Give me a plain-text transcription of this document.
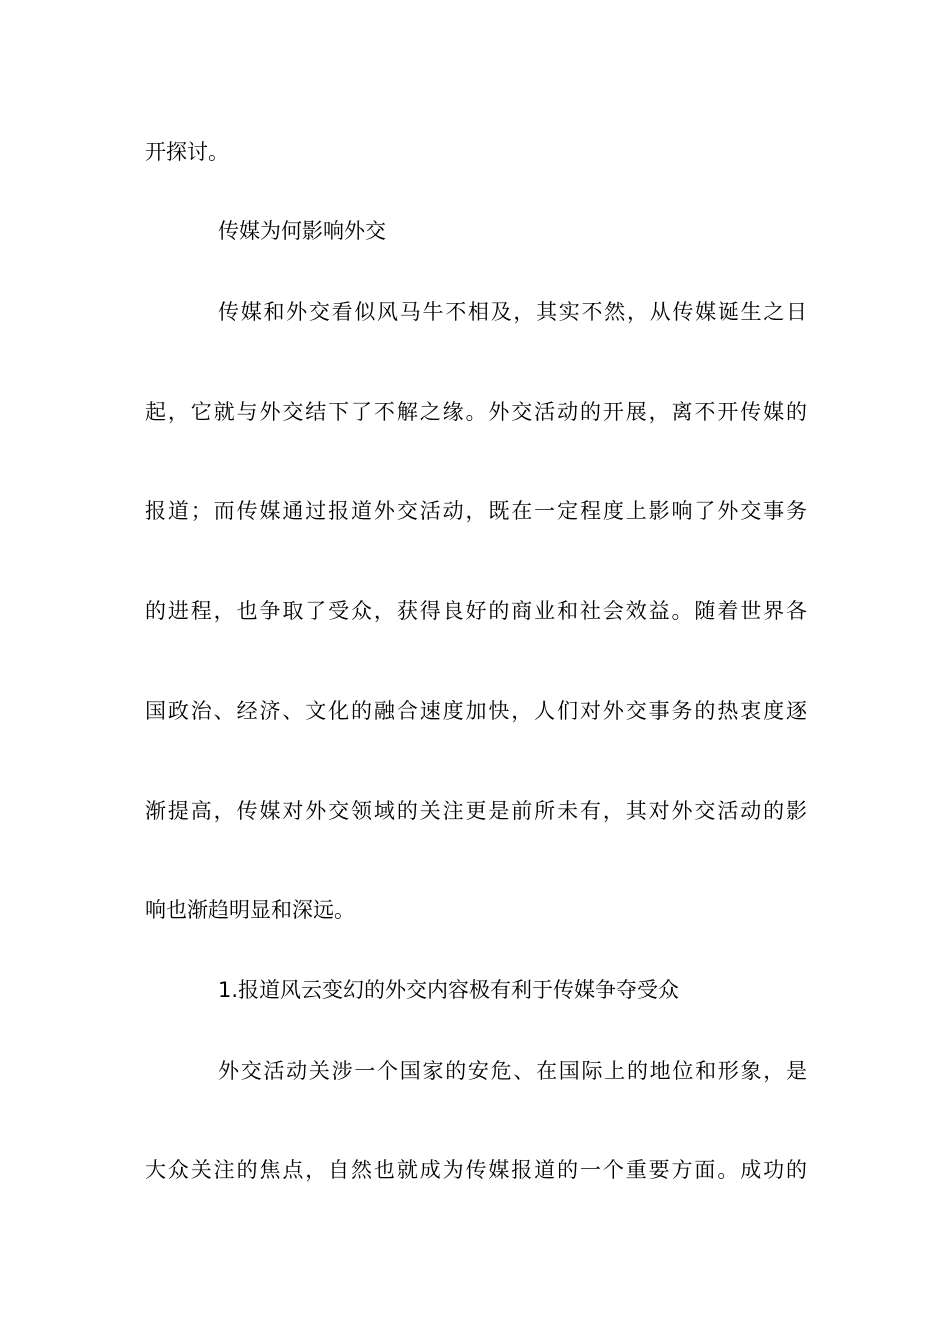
开探讨。
传媒为何影响外交
传媒和外交看似风马牛不相及，其实不然，从传媒诞生之日
起，它就与外交结下了不解之缘。外交活动的开展，离不开传媒的
报道；而传媒通过报道外交活动，既在一定程度上影响了外交事务
的进程，也争取了受众，获得良好的商业和社会效益。随着世界各
国政治、经济、文化的融合速度加快，人们对外交事务的热衷度逐
渐提高，传媒对外交领域的关注更是前所未有，其对外交活动的影
响也渐趋明显和深远。
1.报道风云变幻的外交内容极有利于传媒争夺受众
外交活动关涉一个国家的安危、在国际上的地位和形象，是
大众关注的焦点，自然也就成为传媒报道的一个重要方面。成功的
